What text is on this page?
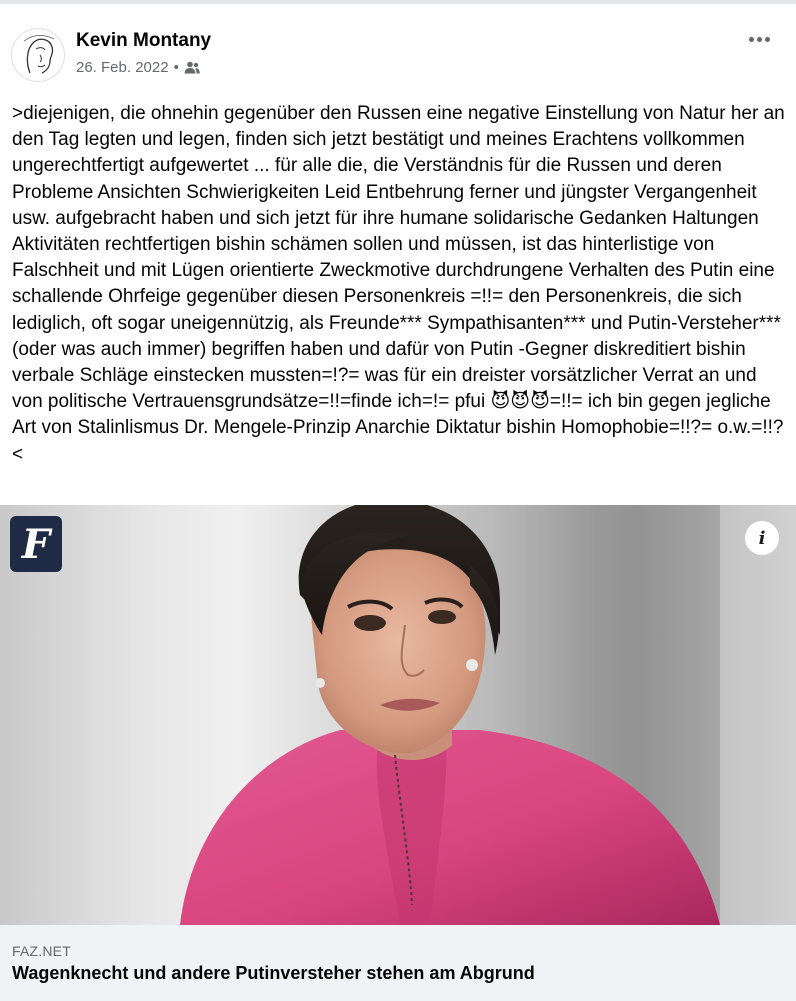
Kevin Montany
26. Feb. 2022 •
>diejenigen, die ohnehin gegenüber den Russen eine negative Einstellung von Natur her an den Tag legten und legen, finden sich jetzt bestätigt und meines Erachtens vollkommen ungerechtfertigt aufgewertet ... für alle die, die Verständnis für die Russen und deren Probleme Ansichten Schwierigkeiten Leid Entbehrung ferner und jüngster Vergangenheit usw. aufgebracht haben und sich jetzt für ihre humane solidarische Gedanken Haltungen Aktivitäten rechtfertigen bishin schämen sollen und müssen, ist das hinterlistige von Falschheit und mit Lügen orientierte Zweckmotive durchdrungene Verhalten des Putin eine schallende Ohrfeige gegenüber diesen Personenkreis =!!= den Personenkreis, die sich lediglich, oft sogar uneigennützig, als Freunde*** Sympathisanten*** und Putin-Versteher*** (oder was auch immer) begriffen haben und dafür von Putin -Gegner diskreditiert bishin verbale Schläge einstecken mussten=!?= was für ein dreister vorsätzlicher Verrat an und von politische Vertrauensgrundsätze=!!=finde ich=!= pfui 😈😈😈=!!= ich bin gegen jegliche Art von Stalinlismus Dr. Mengele-Prinzip Anarchie Diktatur bishin Homophobie=!!?= o.w.=!!?<
F	i
FAZ.NET
Wagenknecht und andere Putinversteher stehen am Abgrund
